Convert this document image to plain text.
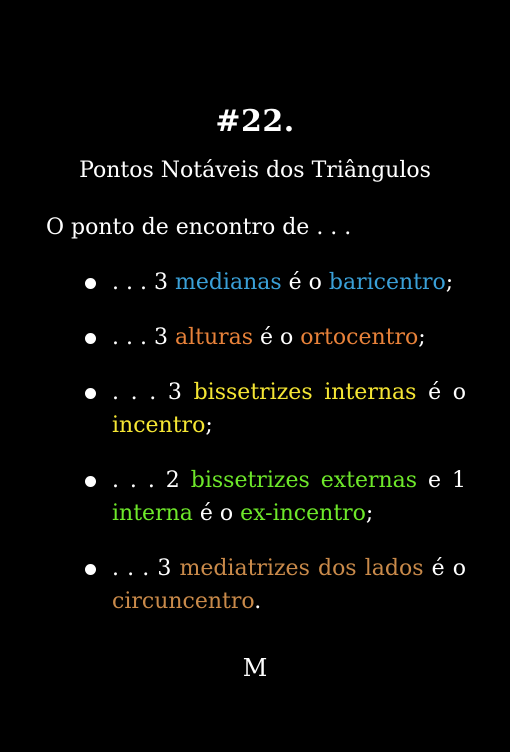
#22.
Pontos Notáveis dos Triângulos
O ponto de encontro de . . .
. . . 3 medianas é o baricentro;
. . . 3 alturas é o ortocentro;
. . . 3 bissetrizes internas é o incentro;
. . . 2 bissetrizes externas e 1 interna é o ex-incentro;
. . . 3 mediatrizes dos lados é o circuncentro.
M
